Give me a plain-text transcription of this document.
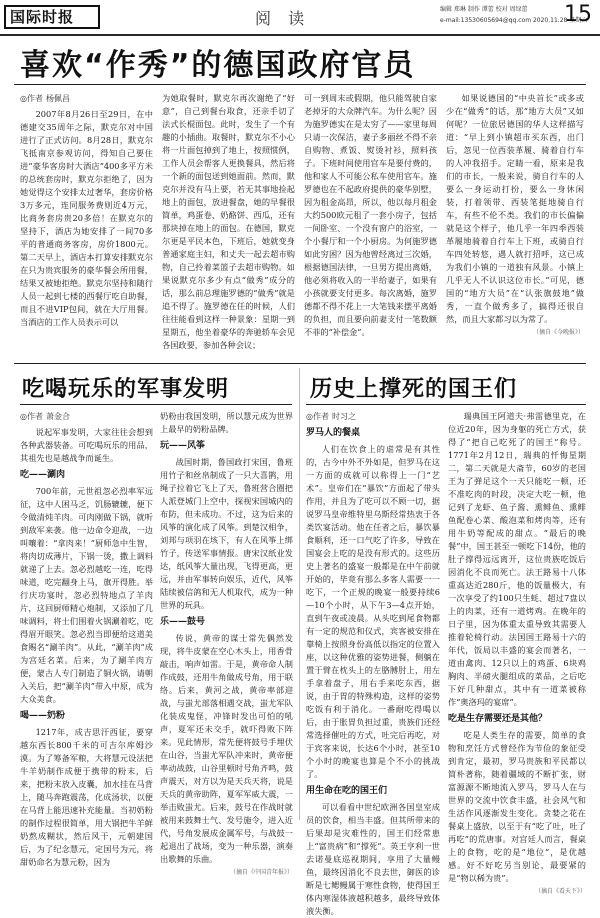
国际时报	阅 读	编辑 郑琳 制作 谭蕾 校对 周绿蕾
e-mail:13530605694@qq.com 2020.11.28 星期六
15
喜欢“作秀”的德国政府官员
◎作者 杨佩昌

2007年8月26日至29日，在中德建交35周年之际，默克尔对中国进行了正式访问。8月28日，默克尔飞抵南京参观访问，得知自己要住进“豪华客房时大酒店”400多平方米的总统套房时，默克尔拒绝了，因为她觉得这个安排太过奢华，套房价格3万多元，连同服务费则近4万元，比商务套房贵20多倍！在默克尔的坚持下，酒店为她安排了一间70多平的普通商务客房，房价1800元。第二天早上，酒店本打算安排默克尔在只为贵宾服务的豪华餐会所用餐，结果又被她拒绝。默克尔坚持和随行人员一起到七楼的西餐厅吃自助餐，而且不进VIP包间，就在大厅用餐。当酒店的工作人员表示可以

为她取餐时，默克尔再次谢绝了“好意”，自己到餐台取食，还亲手切了法式长棍面包。此时，发生了一个有趣的小插曲。取餐时，默克尔不小心将一片面包掉到了地上，按照惯例，工作人员会帮客人更换餐具，然后将一个新的面包送到她面前。然而，默克尔并没有马上要，若无其事地捡起地上的面包，放进餐盘，她的早餐很简单，鸡蛋卷、奶酪饼、西瓜，还有那块掉在地上的面包。在德国，默克尔更是平民本色，下班后，她就变身普通家庭主妇，和丈夫一起去超市购物，自己拎着菜篮子去超市购物。如果说默克尔多少有点“做秀”成分的话，那么前总理施罗德的“做秀”就是追不得了。施罗德在任的时候，人们往往能看到这样一种景象：星期一到星期五，他坐着豪华的奔驰轿车会见各国政要，参加各种会议；

可一到周末或假期，他只能驾驶自家老掉牙的大众牌汽车。为什么呢？因为施罗德实在是太穷了——家里每周只请一次保洁，妻子多丽丝不得不亲自购物、煮饭、熨烫衬衫，照料孩子。下班时间使用官车是要付费的，他和家人不可能公私车使用官车。施罗德也在不起政府提供的豪华别墅，因为租金高昂，所以，他以每月租金大约500欧元租了一套小房子，包括一间卧室、一个没有窗户的浴室，一个小餐厅和一个小厨房。为何施罗德如此穷困？因为他曾经离过三次婚，根据德国法律，一旦男方提出离婚，他必须将收入的一半给妻子，如果有小孩就要支付更多。每次离婚，施罗德都不得不花上一大笔钱来摆平离婚的负担，而且要向前妻支付一笔数额不菲的“补偿金”。

如果说德国的“中央首长”或多或少在“做秀”的话，那“地方大员”又如何呢？一位旅居德国的华人这样描写道：“早上到小镇超市买东西，出门后，忽见一位西装革履、骑着自行车的人冲我招手。定睛一看，原来是我们的市长，一般来说，骑自行车的人要么一身运动打扮，要么一身休闲装，打着领带、西装笔挺地骑自行车，有些不伦不类。我们的市长偏偏就是这个样子，他几乎一年四季西装革履地骑着自行车上下班，或骑自行车四处转悠，遇人就打招呼，这已成为我们小镇的一道独有风景。小镇上几乎无人不认识这位市长。”可见，德国的“地方大员”在“认张旗鼓地”做秀，一直个做秀多了，搞得还很自然，而且大家都习以为常了。

（摘自《今晚报》）

吃喝玩乐的军事发明
◎作者 萧金合

说起军事发明，大家往往会想到各种武器装备。可吃喝玩乐的用品，其祖先也是越战争而诞生。

吃——涮肉

700年前，元世祖忽必烈率军远征，这中人困马乏，饥肠辘辘，便下令做清炖羊肉。可肉刚做下锅，就听到敌军来袭。他一边命令迎战，一边叫嚷着：“拿肉来！”厨师急中生智，将肉切成薄片，下锅一烫，撒上调料就递了上去。忽必烈越吃一连，吃得味道，吃完翻身上马，旗开得胜。举行庆功宴时，忽必烈特地点了羊肉片，这回厨师精心炮制，又添加了几味调料，将士们围着火锅涮着吃，吃得眉开眼笑。忽必烈当即便给这道美食赐名“涮羊肉”。从此，“涮羊肉”成为宫廷名菜。后来，为了涮羊肉方便，蒙古人专门制造了铜火锅，请朝入关后，把“涮羊肉”带入中原，成为大众美食。

喝——奶粉

1217年，成吉思汗西征，要穿越东西长800千米的可吉尔库姆沙漠。为了筹备军粮，大将慧元设法把牛羊奶制作成便于携带的粉末，后来，把粉末放入皮囊，加水挂在马背上，随马奔跑震荡，化成汤状，以便在马背上能迅速补充能量。当初奶粉的制作过程很简单，用大锅把牛羊鲜奶熬成糊状，然后风干，元朝建国后，为了纪念慧元，定国号为元，将甜奶命名为慧元粉，因为

奶粉由我国发明，所以慧元成为世界上最早的奶粉品牌。

玩——风筝

战国时期，鲁国政打宋国，鲁班用竹子和丝帛制成了一只大喜鹊，用绳子拉着它飞上了天，鲁班营合圈把人派登城门上空中，探视宋国城内的布防，但未成功。不过，这为后来的风筝的演化成了风筝。到楚汉相争，刘邦与项羽在垓下，有人在风筝上绑竹子，传送军事情报。唐宋汉纸业发达，纸风筝大量出现，飞得更高，更远，并由军事转向娱乐，近代，风筝陆续被信鸽和无人机取代，成为一种世界的玩具。

乐——鼓号

传说，黄帝的谋士常先偶然发现，将牛皮蒙在空心木头上，用香骨敲击，响声如雷。于是，黄帝命人制作成鼓，还用牛角做成号角，用于联络。后来，黄河之战，黄帝率部迎战，与蚩尤部落相遇交战，蚩尤军队化装成鬼怪，冲锋时发出可怕的吼声，夏军还未交手，就吓得败下阵来。见此情形，常先便将鼓号手埋伏在山谷，当蚩尤军队冲来时，黄帝便率动战鼓，山谷里顿时号角齐鸣，鼓声震天，对方以为是天兵天将，说是天兵的黄帝助阵，夏军军威大震，一举击败蚩尤。后来，鼓号在作战时就被用来鼓舞士气、发号施令，进入近代，号角发展成金属军号，与战鼓一起退出了战场，变为一种乐器，演奏出歌舞的乐曲。

（摘自《中国青年报》）

历史上撑死的国王们
◎作者 时习之
罗马人的餐桌

人们在饮食上的虐常是有其性的，古今中外不外如是，但罗马在这一方面的成就可以称得上一门“艺术”。皇帝们在“暴饮”方面起了带头作用，并且为了吃可以不顾一切，据说罗马皇帝维特里乌斯经常热衷于各类饮宴活动。他在任者之后，暴饮暴食顺利，还一口气吃了许多，导致在国宴会上吃的是没有形式的。这些历史上著名的盛宴一般都是在中午前就开始的，毕竟有那么多客人需要一一吃下，一个正规的晚宴一般要持续6—10个小时，从下午3—4点开始，直到午夜或凌晨。从头吃到尾食物都有一定的规范和仪式，宾客被安排在靠椅上按照身份高低以指定的位置入座，以这种优雅的姿势进餐，侧躺在置于臂在枕头上的左胳膊肘上，用左手拿着盘子，用右手来吃东西，据说，由于胃的特殊构造，这样的姿势吃饭有利于消化。一番耐吃得喝以后，由于胀胃负担过重，贵族们还经常选择催吐的方式，吐完后再吃，对于宾客来说，长达6个小时，甚至10个小时的晚宴也算是个不小的挑战了。

用生命在吃的国王们

可以看看中世纪欧洲各国皇室成员的饮食，相当丰盛。但其所带来的后果却是灾难性的，国王们经常患上“富贵病”和“撑死”。英王亨利一世去诺曼底巡视期间，享用了大量鳗鱼，最终因消化不良去世，御医的诊断是七鳃鳗属于寒性食物，使得国王体内寒湿体液越积越多，最终导致体液失衡。

瑞典国王阿道夫·弗雷德里克，在位近20年，因为身躯的死亡方式，获得了“把自己吃死了的国王”称号。1771年2月12日，瑞典的忏悔星期二，第二天就是大斋节，60岁的老国王为了弹足这个一天只能吃一顿，还不准吃肉的时段，决定大吃一顿，他记到了龙虾、鱼子酱、熏鲱鱼、熏鲱鱼配卷心菜、酸泡菜和烤肉等，还有用牛奶等配成的甜点。“最后的晚餐”中，国王甚至一顿吃下14份，他的肚子撑得远远离开，这位贵族吃饭后因消化不良而死亡。法王路易十八体重高达近280斤，他的饭量极大，有一次享受了约100只生蚝、超过7盘以上的肉菜，还有一道烤鸡。在晚年的日子里，因为体重太重导致其需要人推着轮椅行动。法国国王路易十六的年代，饭局以丰盛的宴会而著名，一道由禽肉、12只以上的鸡蛋、6块鸡胸肉、半磅火腿组成的菜品，之后吃下好几种甜点，其中有一道菜被称作“奥洛玛的宴席”。

吃是生存需要还是其他？

吃是人类生存的需要，简单的食物和烹饪方式曾经作为节俭的象征受到肯定，最初，罗马贵族和平民都以简朴著称，随着疆域的不断扩张，财富源源不断地流入罗马，罗马人在与世界的交流中饮食丰盛，社会风气和生活作风逐渐发生变化。贪婪之花在餐桌上盛放，以至于有“吃了吐，吐了再吃”的荒唐事。对宫廷人而言，餐桌上的食物，吃的是“地位”，是优越感。好不好吃另当别论，最要紧的是“物以稀为贵”。

（摘自《看天下》）
